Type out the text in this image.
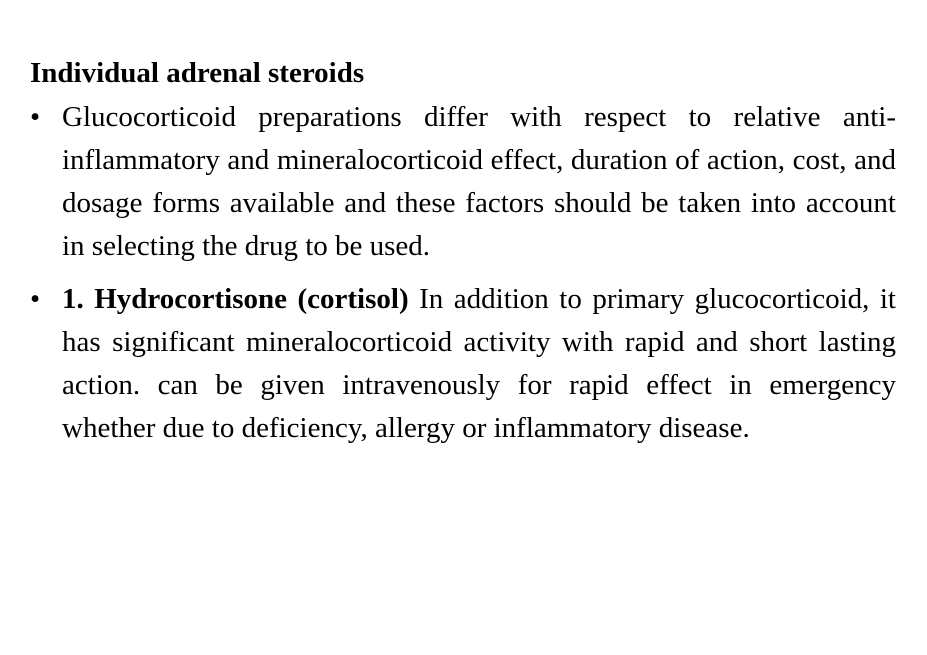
Individual adrenal steroids

• Glucocorticoid preparations differ with respect to relative anti-inflammatory and mineralocorticoid effect, duration of action, cost, and dosage forms available and these factors should be taken into account in selecting the drug to be used.
• 1. Hydrocortisone (cortisol) In addition to primary glucocorticoid, it has significant mineralocorticoid activity with rapid and short lasting action. can be given intravenously for rapid effect in emergency whether due to deficiency, allergy or inflammatory disease.
